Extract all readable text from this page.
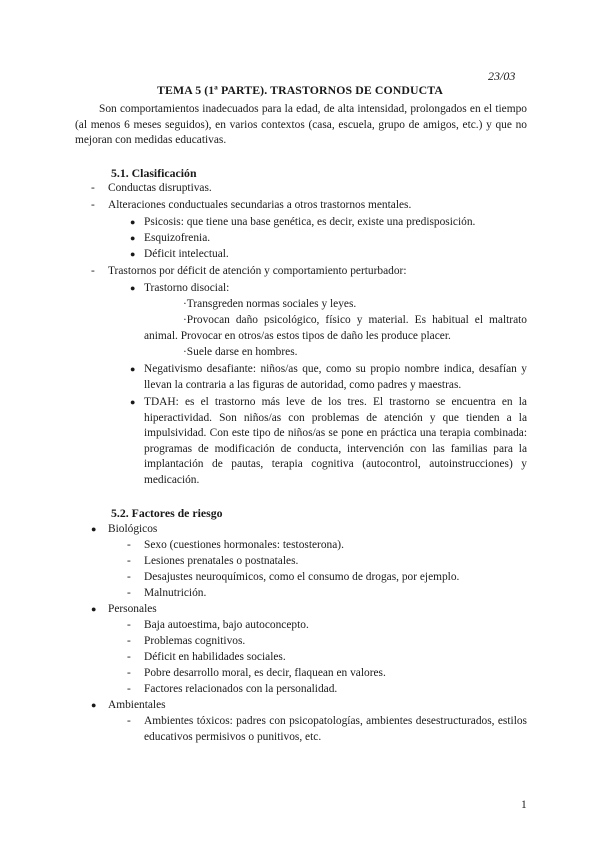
23/03
TEMA 5 (1ª PARTE). TRASTORNOS DE CONDUCTA
Son comportamientos inadecuados para la edad, de alta intensidad, prolongados en el tiempo (al menos 6 meses seguidos), en varios contextos (casa, escuela, grupo de amigos, etc.) y que no mejoran con medidas educativas.
5.1. Clasificación
- Conductas disruptivas.
- Alteraciones conductuales secundarias a otros trastornos mentales.
● Psicosis: que tiene una base genética, es decir, existe una predisposición.
● Esquizofrenia.
● Déficit intelectual.
- Trastornos por déficit de atención y comportamiento perturbador:
● Trastorno disocial:
·Transgreden normas sociales y leyes.
·Provocan daño psicológico, físico y material. Es habitual el maltrato animal. Provocar en otros/as estos tipos de daño les produce placer.
·Suele darse en hombres.
● Negativismo desafiante: niños/as que, como su propio nombre indica, desafían y llevan la contraria a las figuras de autoridad, como padres y maestras.
● TDAH: es el trastorno más leve de los tres. El trastorno se encuentra en la hiperactividad. Son niños/as con problemas de atención y que tienden a la impulsividad. Con este tipo de niños/as se pone en práctica una terapia combinada: programas de modificación de conducta, intervención con las familias para la implantación de pautas, terapia cognitiva (autocontrol, autoinstrucciones) y medicación.
5.2. Factores de riesgo
● Biológicos
- Sexo (cuestiones hormonales: testosterona).
- Lesiones prenatales o postnatales.
- Desajustes neuroquímicos, como el consumo de drogas, por ejemplo.
- Malnutrición.
● Personales
- Baja autoestima, bajo autoconcepto.
- Problemas cognitivos.
- Déficit en habilidades sociales.
- Pobre desarrollo moral, es decir, flaquean en valores.
- Factores relacionados con la personalidad.
● Ambientales
- Ambientes tóxicos: padres con psicopatologías, ambientes desestructurados, estilos educativos permisivos o punitivos, etc.
1
